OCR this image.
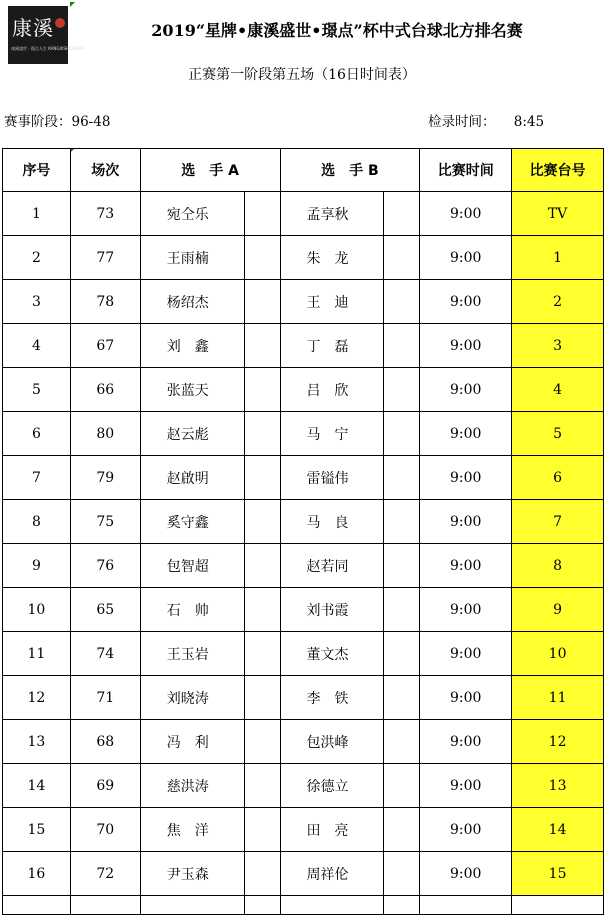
康溪
康溪盛世 · 璟点人生 KANGXISHENGSHI
2019“星牌•康溪盛世•璟点”杯中式台球北方排名赛
正赛第一阶段第五场（16日时间表）
赛事阶段：96-48	检录时间： 8:45
序号	场次	选　手 A		选　手 B		比赛时间	比赛台号
1	73	宛仝乐		孟享秋		9:00	TV
2	77	王雨楠		朱　龙		9:00	1
3	78	杨绍杰		王　迪		9:00	2
4	67	刘　鑫		丁　磊		9:00	3
5	66	张蓝天		吕　欣		9:00	4
6	80	赵云彪		马　宁		9:00	5
7	79	赵啟明		雷镒伟		9:00	6
8	75	奚守鑫		马　良		9:00	7
9	76	包智超		赵若同		9:00	8
10	65	石　帅		刘书霞		9:00	9
11	74	王玉岩		董文杰		9:00	10
12	71	刘晓涛		李　铁		9:00	11
13	68	冯　利		包洪峰		9:00	12
14	69	慈洪涛		徐德立		9:00	13
15	70	焦　洋		田　亮		9:00	14
16	72	尹玉森		周祥伦		9:00	15
